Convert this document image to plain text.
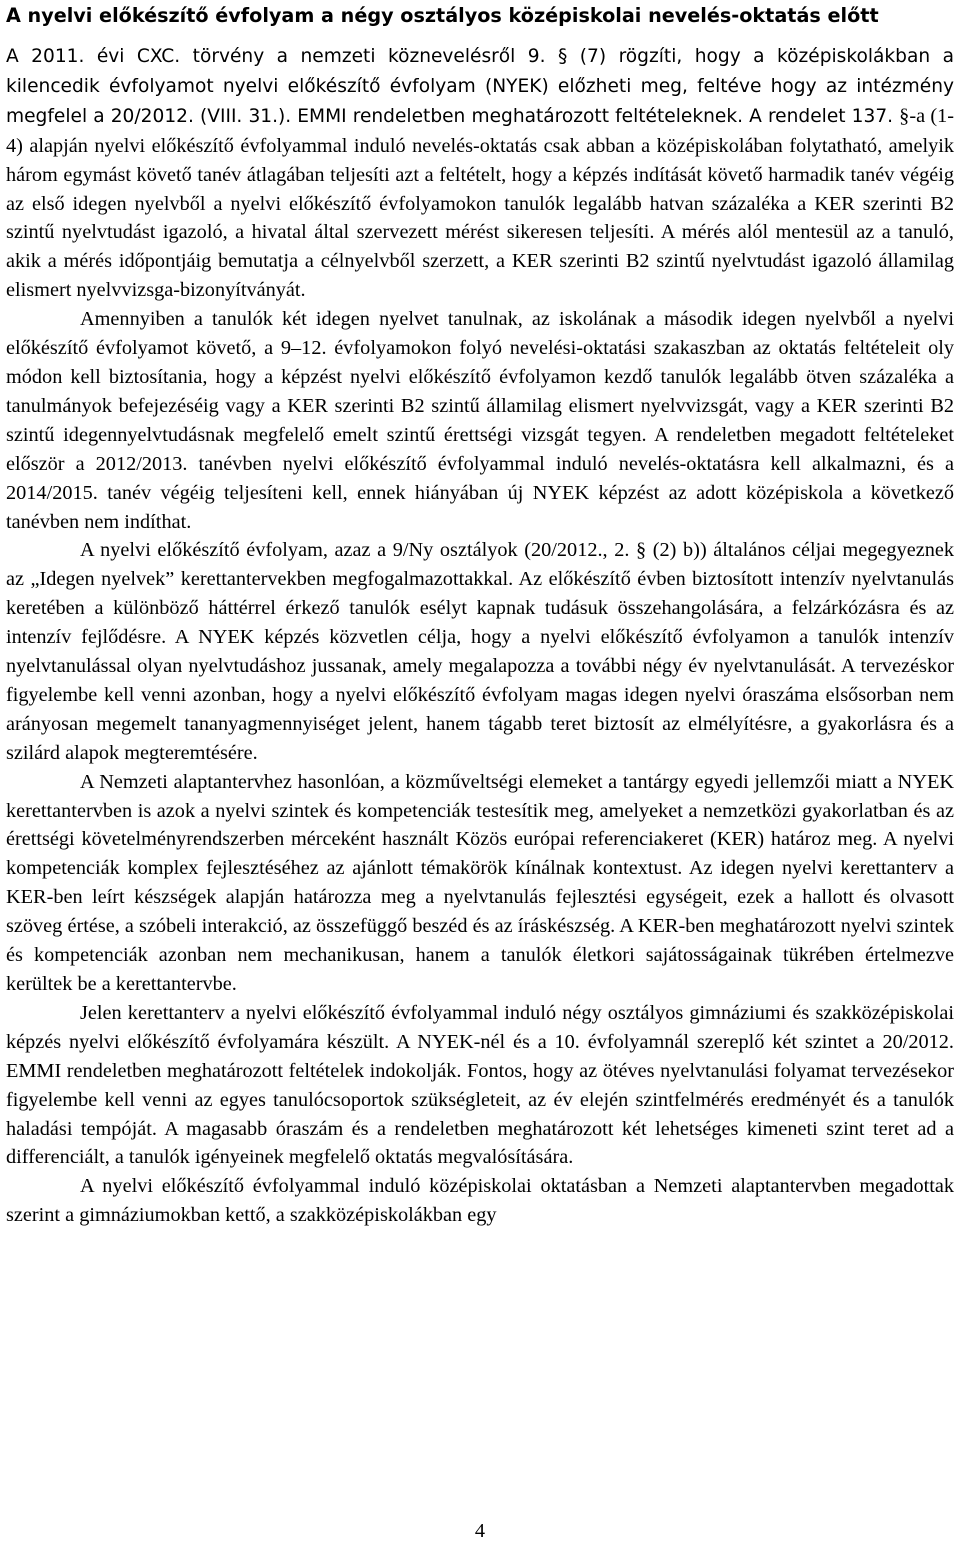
A nyelvi előkészítő évfolyam a négy osztályos középiskolai nevelés-oktatás előtt

A 2011. évi CXC. törvény a nemzeti köznevelésről 9. § (7) rögzíti, hogy a középiskolákban a kilencedik évfolyamot nyelvi előkészítő évfolyam (NYEK) előzheti meg, feltéve hogy az intézmény megfelel a 20/2012. (VIII. 31.). EMMI rendeletben meghatározott feltételeknek. A rendelet 137. §-a (1-4) alapján nyelvi előkészítő évfolyammal induló nevelés-oktatás csak abban a középiskolában folytatható, amelyik három egymást követő tanév átlagában teljesíti azt a feltételt, hogy a képzés indítását követő harmadik tanév végéig az első idegen nyelvből a nyelvi előkészítő évfolyamokon tanulók legalább hatvan százaléka a KER szerinti B2 szintű nyelvtudást igazoló, a hivatal által szervezett mérést sikeresen teljesíti. A mérés alól mentesül az a tanuló, akik a mérés időpontjáig bemutatja a célnyelvből szerzett, a KER szerinti B2 szintű nyelvtudást igazoló államilag elismert nyelvvizsga-bizonyítványát.

Amennyiben a tanulók két idegen nyelvet tanulnak, az iskolának a második idegen nyelvből a nyelvi előkészítő évfolyamot követő, a 9–12. évfolyamokon folyó nevelési-oktatási szakaszban az oktatás feltételeit oly módon kell biztosítania, hogy a képzést nyelvi előkészítő évfolyamon kezdő tanulók legalább ötven százaléka a tanulmányok befejezéséig vagy a KER szerinti B2 szintű államilag elismert nyelvvizsgát, vagy a KER szerinti B2 szintű idegennyelvtudásnak megfelelő emelt szintű érettségi vizsgát tegyen. A rendeletben megadott feltételeket először a 2012/2013. tanévben nyelvi előkészítő évfolyammal induló nevelés-oktatásra kell alkalmazni, és a 2014/2015. tanév végéig teljesíteni kell, ennek hiányában új NYEK képzést az adott középiskola a következő tanévben nem indíthat.

A nyelvi előkészítő évfolyam, azaz a 9/Ny osztályok (20/2012., 2. § (2) b)) általános céljai megegyeznek az „Idegen nyelvek” kerettantervekben megfogalmazottakkal. Az előkészítő évben biztosított intenzív nyelvtanulás keretében a különböző háttérrel érkező tanulók esélyt kapnak tudásuk összehangolására, a felzárkózásra és az intenzív fejlődésre. A NYEK képzés közvetlen célja, hogy a nyelvi előkészítő évfolyamon a tanulók intenzív nyelvtanulással olyan nyelvtudáshoz jussanak, amely megalapozza a további négy év nyelvtanulását. A tervezéskor figyelembe kell venni azonban, hogy a nyelvi előkészítő évfolyam magas idegen nyelvi óraszáma elsősorban nem arányosan megemelt tananyagmennyiséget jelent, hanem tágabb teret biztosít az elmélyítésre, a gyakorlásra és a szilárd alapok megteremtésére.

A Nemzeti alaptantervhez hasonlóan, a közműveltségi elemeket a tantárgy egyedi jellemzői miatt a NYEK kerettantervben is azok a nyelvi szintek és kompetenciák testesítik meg, amelyeket a nemzetközi gyakorlatban és az érettségi követelményrendszerben mérceként használt Közös európai referenciakeret (KER) határoz meg. A nyelvi kompetenciák komplex fejlesztéséhez az ajánlott témakörök kínálnak kontextust. Az idegen nyelvi kerettanterv a KER-ben leírt készségek alapján határozza meg a nyelvtanulás fejlesztési egységeit, ezek a hallott és olvasott szöveg értése, a szóbeli interakció, az összefüggő beszéd és az íráskészség. A KER-ben meghatározott nyelvi szintek és kompetenciák azonban nem mechanikusan, hanem a tanulók életkori sajátosságainak tükrében értelmezve kerültek be a kerettantervbe.

Jelen kerettanterv a nyelvi előkészítő évfolyammal induló négy osztályos gimnáziumi és szakközépiskolai képzés nyelvi előkészítő évfolyamára készült. A NYEK-nél és a 10. évfolyamnál szereplő két szintet a 20/2012. EMMI rendeletben meghatározott feltételek indokolják. Fontos, hogy az ötéves nyelvtanulási folyamat tervezésekor figyelembe kell venni az egyes tanulócsoportok szükségleteit, az év elején szintfelmérés eredményét és a tanulók haladási tempóját. A magasabb óraszám és a rendeletben meghatározott két lehetséges kimeneti szint teret ad a differenciált, a tanulók igényeinek megfelelő oktatás megvalósítására.

A nyelvi előkészítő évfolyammal induló középiskolai oktatásban a Nemzeti alaptantervben megadottak szerint a gimnáziumokban kettő, a szakközépiskolákban egy

4
